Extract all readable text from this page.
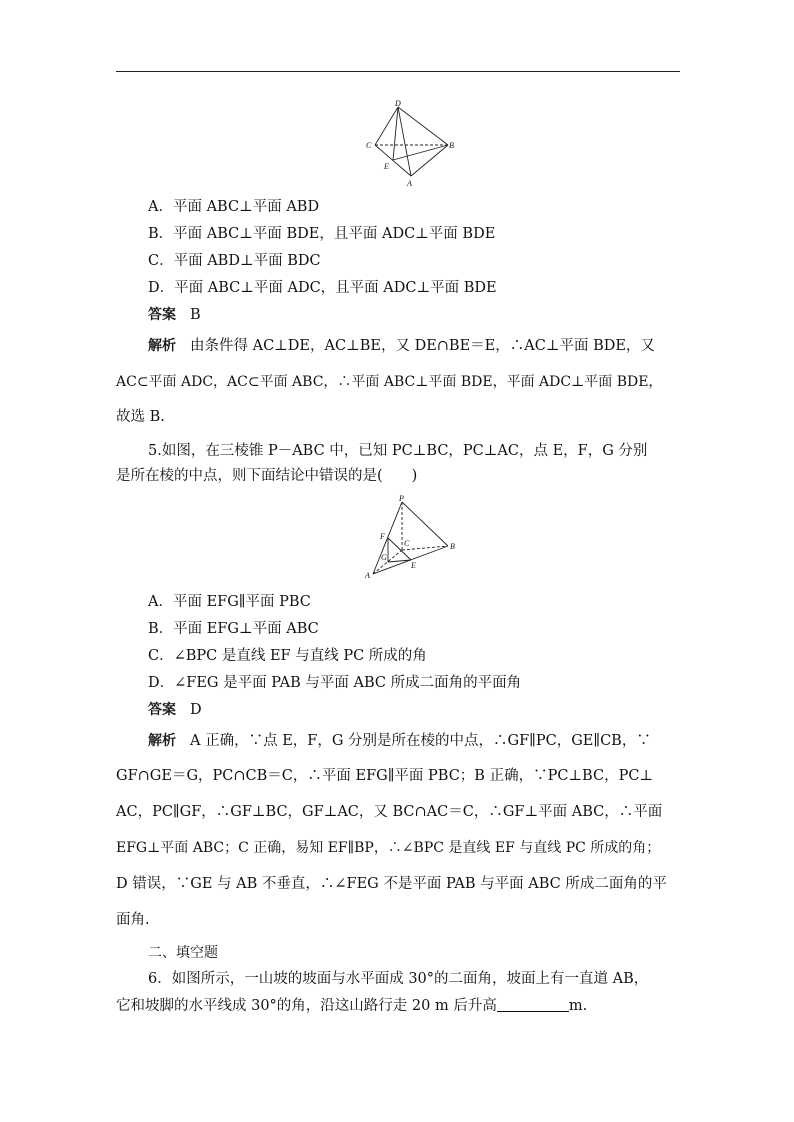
D
C	B
E
A
A．平面 ABC⊥平面 ABD
B．平面 ABC⊥平面 BDE，且平面 ADC⊥平面 BDE
C．平面 ABD⊥平面 BDC
D．平面 ABC⊥平面 ADC，且平面 ADC⊥平面 BDE
答案 B
解析 由条件得 AC⊥DE，AC⊥BE，又 DE∩BE＝E，∴AC⊥平面 BDE，又
AC⊂平面 ADC，AC⊂平面 ABC，∴平面 ABC⊥平面 BDE，平面 ADC⊥平面 BDE，
故选 B.
5.如图，在三棱锥 P－ABC 中，已知 PC⊥BC，PC⊥AC，点 E，F，G 分别
是所在棱的中点，则下面结论中错误的是(　　)
P
F
C	B
G
E
A
A．平面 EFG∥平面 PBC
B．平面 EFG⊥平面 ABC
C．∠BPC 是直线 EF 与直线 PC 所成的角
D．∠FEG 是平面 PAB 与平面 ABC 所成二面角的平面角
答案 D
解析 A 正确，∵点 E，F，G 分别是所在棱的中点，∴GF∥PC，GE∥CB，∵
GF∩GE＝G，PC∩CB＝C，∴平面 EFG∥平面 PBC；B 正确，∵PC⊥BC，PC⊥
AC，PC∥GF，∴GF⊥BC，GF⊥AC，又 BC∩AC＝C，∴GF⊥平面 ABC，∴平面
EFG⊥平面 ABC；C 正确，易知 EF∥BP，∴∠BPC 是直线 EF 与直线 PC 所成的角；
D 错误，∵GE 与 AB 不垂直，∴∠FEG 不是平面 PAB 与平面 ABC 所成二面角的平
面角.
二、填空题
6．如图所示，一山坡的坡面与水平面成 30°的二面角，坡面上有一直道 AB，
它和坡脚的水平线成 30°的角，沿这山路行走 20 m 后升高	m.
